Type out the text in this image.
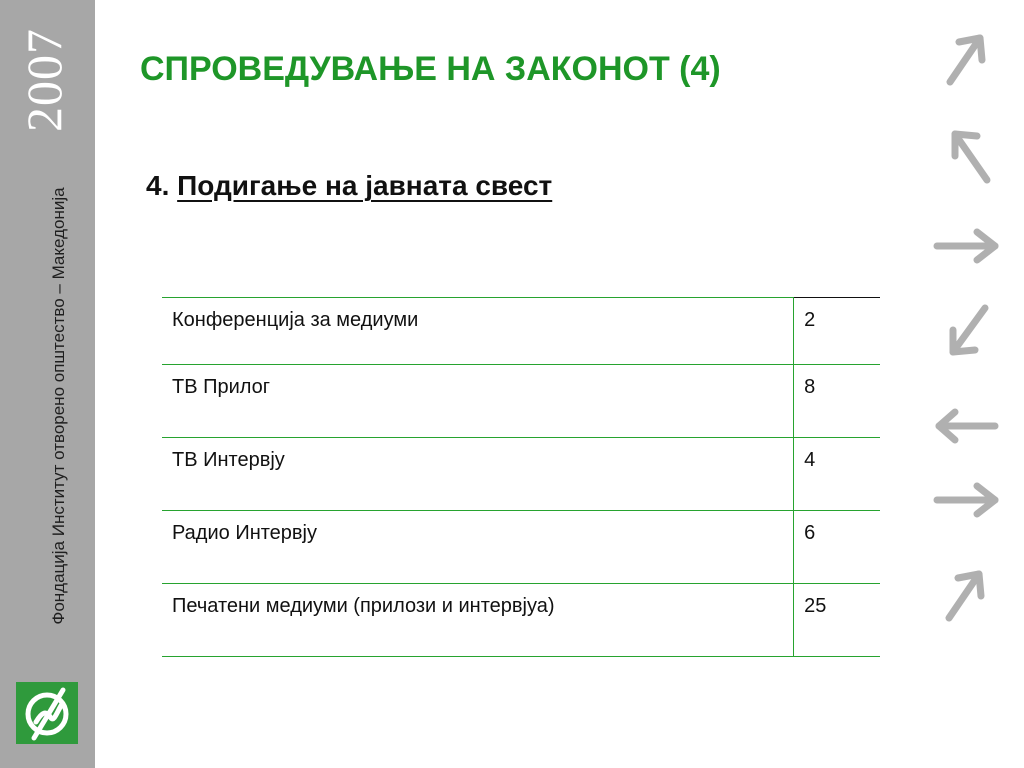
2007
Фондација Институт отворено општество – Македонија
СПРОВЕДУВАЊЕ НА ЗАКОНОТ (4)
4. Подигање на јавната свест
Конференција за медиуми	2
ТВ Прилог	8
ТВ Интервју	4
Радио Интервју	6
Печатени медиуми (прилози и интервјуа)	25
